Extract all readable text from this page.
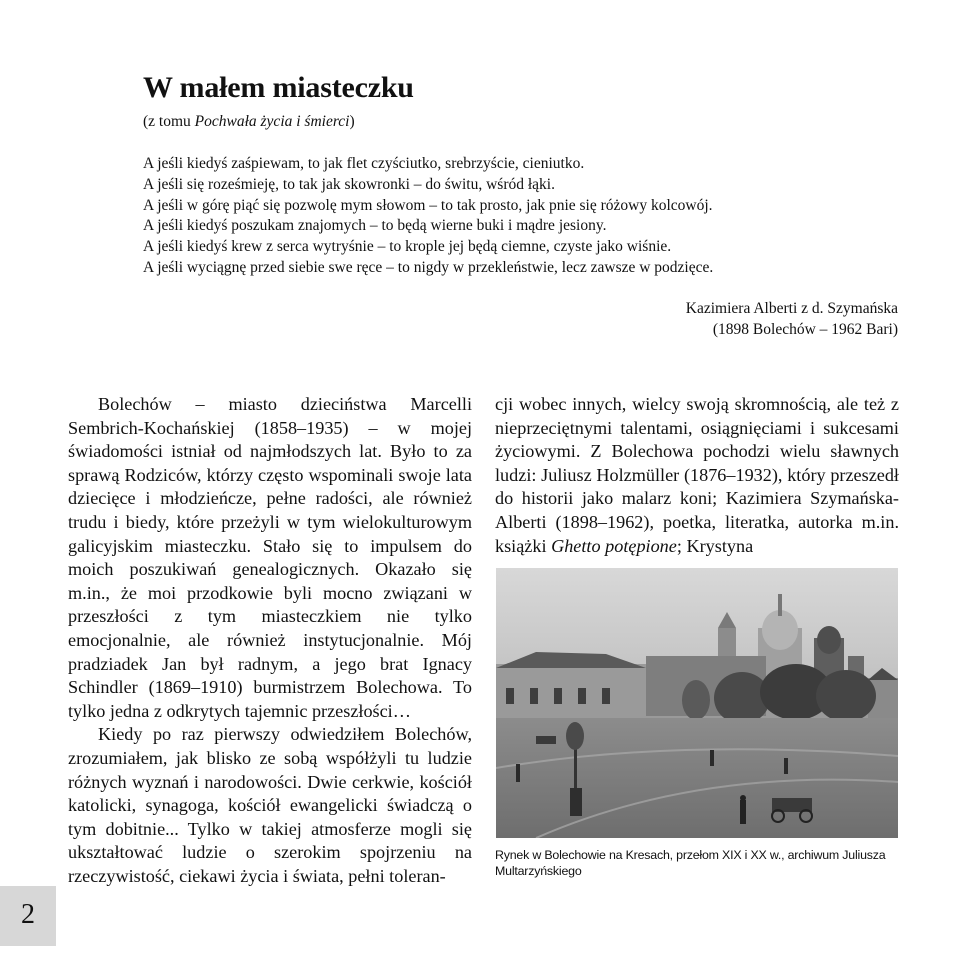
W małem miasteczku
(z tomu Pochwała życia i śmierci)
A jeśli kiedyś zaśpiewam, to jak flet czyściutko, srebrzyście, cieniutko.
A jeśli się roześmieję, to tak jak skowronki – do świtu, wśród łąki.
A jeśli w górę piąć się pozwolę mym słowom – to tak prosto, jak pnie się różowy kolcowój.
A jeśli kiedyś poszukam znajomych – to będą wierne buki i mądre jesiony.
A jeśli kiedyś krew z serca wytryśnie – to krople jej będą ciemne, czyste jako wiśnie.
A jeśli wyciągnę przed siebie swe ręce – to nigdy w przekleństwie, lecz zawsze w podzięce.
Kazimiera Alberti z d. Szymańska
(1898 Bolechów – 1962 Bari)

Bolechów – miasto dzieciństwa Marcelli Sembrich-Kochańskiej (1858–1935) – w mojej świadomości istniał od najmłodszych lat. Było to za sprawą Rodziców, którzy często wspominali swoje lata dziecięce i młodzieńcze, pełne radości, ale również trudu i biedy, które przeżyli w tym wielokulturowym galicyjskim miasteczku. Stało się to impulsem do moich poszukiwań genealogicznych. Okazało się m.in., że moi przodkowie byli mocno związani w przeszłości z tym miasteczkiem nie tylko emocjonalnie, ale również instytucjonalnie. Mój pradziadek Jan był radnym, a jego brat Ignacy Schindler (1869–1910) burmistrzem Bolechowa. To tylko jedna z odkrytych tajemnic przeszłości…

Kiedy po raz pierwszy odwiedziłem Bolechów, zrozumiałem, jak blisko ze sobą współżyli tu ludzie różnych wyznań i narodowości. Dwie cerkwie, kościół katolicki, synagoga, kościół ewangelicki świadczą o tym dobitnie... Tylko w takiej atmosferze mogli się ukształtować ludzie o szerokim spojrzeniu na rzeczywistość, ciekawi życia i świata, pełni toleran-

cji wobec innych, wielcy swoją skromnością, ale też z nieprzeciętnymi talentami, osiągnięciami i sukcesami życiowymi. Z Bolechowa pochodzi wielu sławnych ludzi: Juliusz Holzmüller (1876–1932), który przeszedł do historii jako malarz koni; Kazimiera Szymańska-Alberti (1898–1962), poetka, literatka, autorka m.in. książki Ghetto potępione; Krystyna

Rynek w Bolechowie na Kresach, przełom XIX i XX w., archiwum Juliusza Multarzyńskiego
2
